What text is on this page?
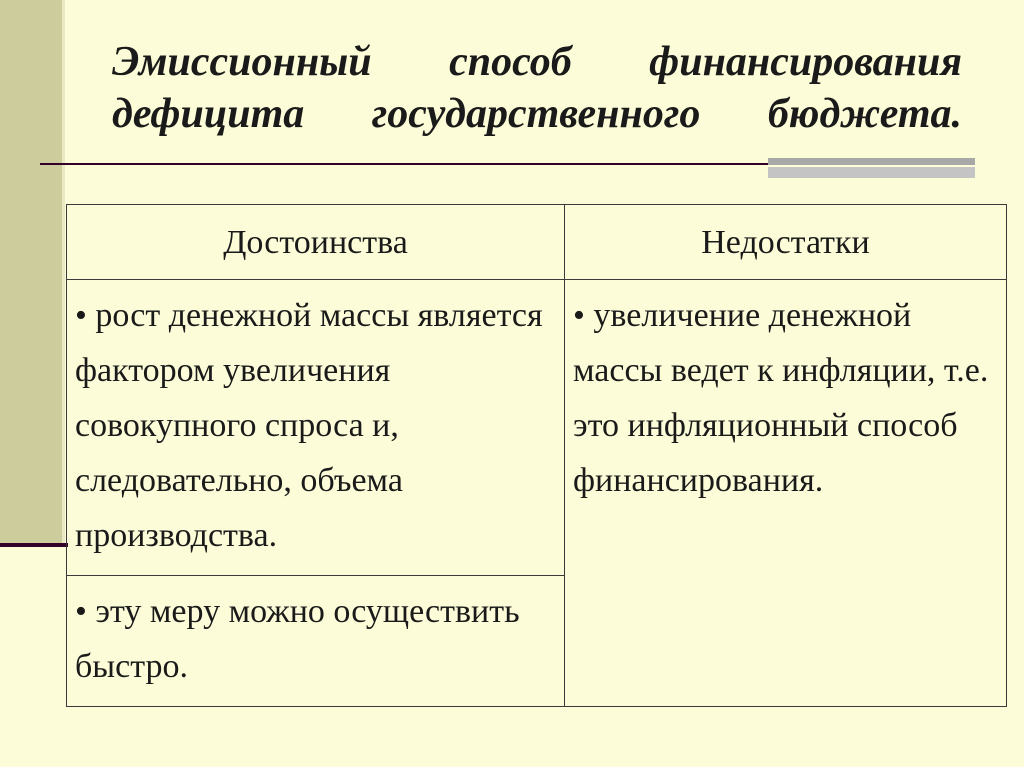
Эмиссионный способ финансирования
дефицита государственного бюджета.
Достоинства	Недостатки
• рост денежной массы является фактором увеличения совокупного спроса и, следовательно, объема производства.	• увеличение денежной массы ведет к инфляции, т.е. это инфляционный способ финансирования.
• эту меру можно осуществить быстро.
